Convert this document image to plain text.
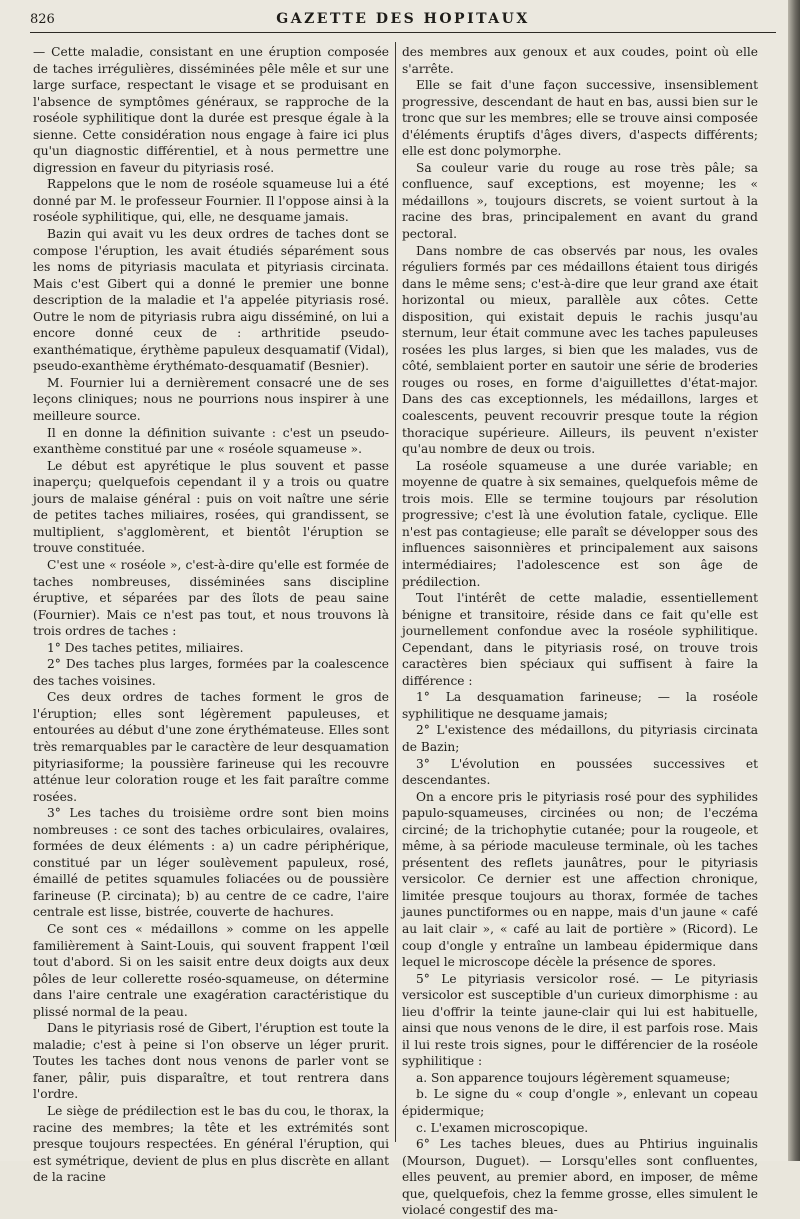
826	GAZETTE DES HOPITAUX

— Cette maladie, consistant en une éruption composée de taches irrégulières, disséminées pêle mêle et sur une large surface, respectant le visage et se produisant en l'absence de symptômes généraux, se rapproche de la roséole syphilitique dont la durée est presque égale à la sienne. Cette considération nous engage à faire ici plus qu'un diagnostic différentiel, et à nous permettre une digression en faveur du pityriasis rosé.

Rappelons que le nom de roséole squameuse lui a été donné par M. le professeur Fournier. Il l'oppose ainsi à la roséole syphilitique, qui, elle, ne desquame jamais.

Bazin qui avait vu les deux ordres de taches dont se compose l'éruption, les avait étudiés séparément sous les noms de pityriasis maculata et pityriasis circinata. Mais c'est Gibert qui a donné le premier une bonne description de la maladie et l'a appelée pityriasis rosé. Outre le nom de pityriasis rubra aigu disséminé, on lui a encore donné ceux de : arthritide pseudo-exanthématique, érythème papuleux desquamatif (Vidal), pseudo-exanthème érythémato-desquamatif (Besnier).

M. Fournier lui a dernièrement consacré une de ses leçons cliniques; nous ne pourrions nous inspirer à une meilleure source.

Il en donne la définition suivante : c'est un pseudo-exanthème constitué par une « roséole squameuse ».

Le début est apyrétique le plus souvent et passe inaperçu; quelquefois cependant il y a trois ou quatre jours de malaise général : puis on voit naître une série de petites taches miliaires, rosées, qui grandissent, se multiplient, s'agglomèrent, et bientôt l'éruption se trouve constituée.

C'est une « roséole », c'est-à-dire qu'elle est formée de taches nombreuses, disséminées sans discipline éruptive, et séparées par des îlots de peau saine (Fournier). Mais ce n'est pas tout, et nous trouvons là trois ordres de taches :

1° Des taches petites, miliaires.

2° Des taches plus larges, formées par la coalescence des taches voisines.

Ces deux ordres de taches forment le gros de l'éruption; elles sont légèrement papuleuses, et entourées au début d'une zone érythémateuse. Elles sont très remarquables par le caractère de leur desquamation pityriasiforme; la poussière farineuse qui les recouvre atténue leur coloration rouge et les fait paraître comme rosées.

3° Les taches du troisième ordre sont bien moins nombreuses : ce sont des taches orbiculaires, ovalaires, formées de deux éléments : a) un cadre périphérique, constitué par un léger soulèvement papuleux, rosé, émaillé de petites squamules foliacées ou de poussière farineuse (P. circinata); b) au centre de ce cadre, l'aire centrale est lisse, bistrée, couverte de hachures.

Ce sont ces « médaillons » comme on les appelle familièrement à Saint-Louis, qui souvent frappent l'œil tout d'abord. Si on les saisit entre deux doigts aux deux pôles de leur collerette roséo-squameuse, on détermine dans l'aire centrale une exagération caractéristique du plissé normal de la peau.

Dans le pityriasis rosé de Gibert, l'éruption est toute la maladie; c'est à peine si l'on observe un léger prurit. Toutes les taches dont nous venons de parler vont se faner, pâlir, puis disparaître, et tout rentrera dans l'ordre.

Le siège de prédilection est le bas du cou, le thorax, la racine des membres; la tête et les extrémités sont presque toujours respectées. En général l'éruption, qui est symétrique, devient de plus en plus discrète en allant de la racine

des membres aux genoux et aux coudes, point où elle s'arrête.

Elle se fait d'une façon successive, insensiblement progressive, descendant de haut en bas, aussi bien sur le tronc que sur les membres; elle se trouve ainsi composée d'éléments éruptifs d'âges divers, d'aspects différents; elle est donc polymorphe.

Sa couleur varie du rouge au rose très pâle; sa confluence, sauf exceptions, est moyenne; les « médaillons », toujours discrets, se voient surtout à la racine des bras, principalement en avant du grand pectoral.

Dans nombre de cas observés par nous, les ovales réguliers formés par ces médaillons étaient tous dirigés dans le même sens; c'est-à-dire que leur grand axe était horizontal ou mieux, parallèle aux côtes. Cette disposition, qui existait depuis le rachis jusqu'au sternum, leur était commune avec les taches papuleuses rosées les plus larges, si bien que les malades, vus de côté, semblaient porter en sautoir une série de broderies rouges ou roses, en forme d'aiguillettes d'état-major. Dans des cas exceptionnels, les médaillons, larges et coalescents, peuvent recouvrir presque toute la région thoracique supérieure. Ailleurs, ils peuvent n'exister qu'au nombre de deux ou trois.

La roséole squameuse a une durée variable; en moyenne de quatre à six semaines, quelquefois même de trois mois. Elle se termine toujours par résolution progressive; c'est là une évolution fatale, cyclique. Elle n'est pas contagieuse; elle paraît se développer sous des influences saisonnières et principalement aux saisons intermédiaires; l'adolescence est son âge de prédilection.

Tout l'intérêt de cette maladie, essentiellement bénigne et transitoire, réside dans ce fait qu'elle est journellement confondue avec la roséole syphilitique. Cependant, dans le pityriasis rosé, on trouve trois caractères bien spéciaux qui suffisent à faire la différence :

1° La desquamation farineuse; — la roséole syphilitique ne desquame jamais;

2° L'existence des médaillons, du pityriasis circinata de Bazin;

3° L'évolution en poussées successives et descendantes.

On a encore pris le pityriasis rosé pour des syphilides papulo-squameuses, circinées ou non; de l'eczéma circiné; de la trichophytie cutanée; pour la rougeole, et même, à sa période maculeuse terminale, où les taches présentent des reflets jaunâtres, pour le pityriasis versicolor. Ce dernier est une affection chronique, limitée presque toujours au thorax, formée de taches jaunes punctiformes ou en nappe, mais d'un jaune « café au lait clair », « café au lait de portière » (Ricord). Le coup d'ongle y entraîne un lambeau épidermique dans lequel le microscope décèle la présence de spores.

5° Le pityriasis versicolor rosé. — Le pityriasis versicolor est susceptible d'un curieux dimorphisme : au lieu d'offrir la teinte jaune-clair qui lui est habituelle, ainsi que nous venons de le dire, il est parfois rose. Mais il lui reste trois signes, pour le différencier de la roséole syphilitique :

a. Son apparence toujours légèrement squameuse;

b. Le signe du « coup d'ongle », enlevant un copeau épidermique;

c. L'examen microscopique.

6° Les taches bleues, dues au Phtirius inguinalis (Mourson, Duguet). — Lorsqu'elles sont confluentes, elles peuvent, au premier abord, en imposer, de même que, quelquefois, chez la femme grosse, elles simulent le violacé congestif des ma-
